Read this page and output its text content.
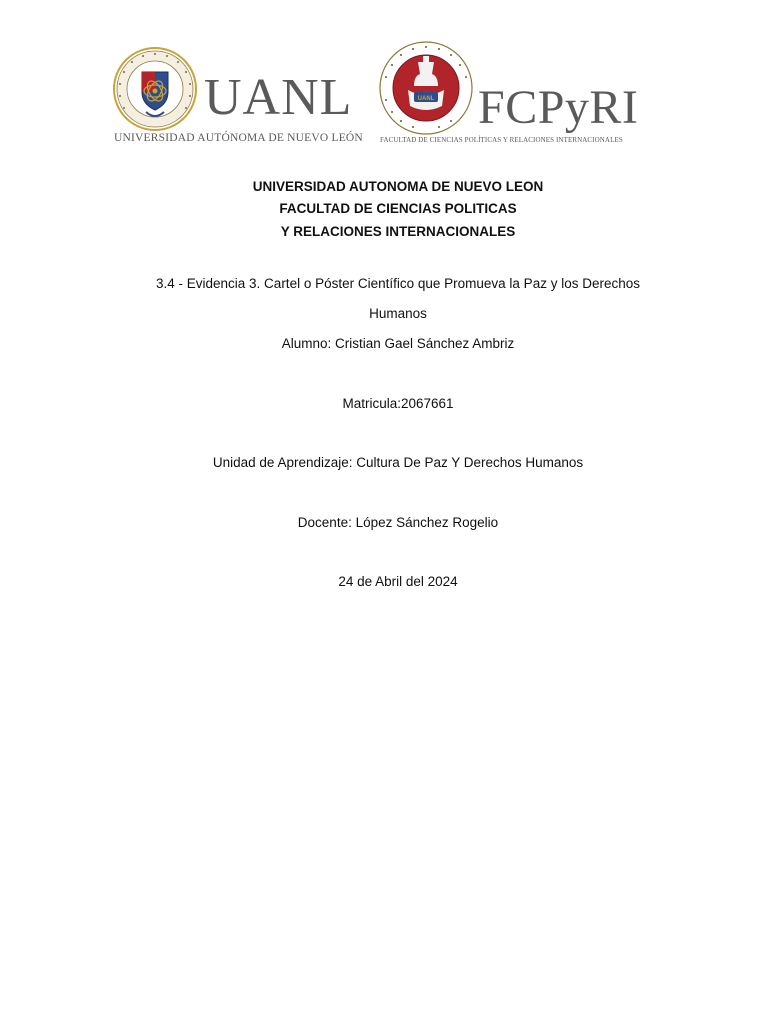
UANL
UNIVERSIDAD AUTÓNOMA DE NUEVO LEÓN
UANL FCPyRI
FACULTAD DE CIENCIAS POLÍTICAS Y RELACIONES INTERNACIONALES
UNIVERSIDAD AUTONOMA DE NUEVO LEON
FACULTAD DE CIENCIAS POLITICAS
Y RELACIONES INTERNACIONALES
3.4 - Evidencia 3. Cartel o Póster Científico que Promueva la Paz y los Derechos
Humanos
Alumno: Cristian Gael Sánchez Ambriz
Matricula:2067661
Unidad de Aprendizaje: Cultura De Paz Y Derechos Humanos
Docente: López Sánchez Rogelio
24 de Abril del 2024
